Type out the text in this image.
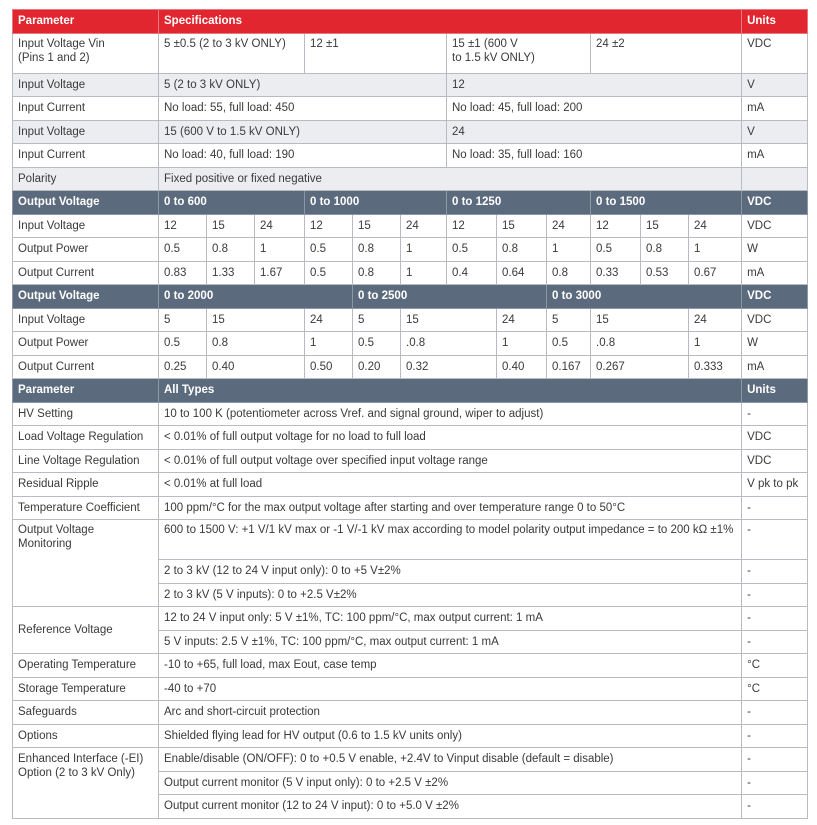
Parameter	Specifications												Units
Input Voltage Vin
(Pins 1 and 2)	5 ±0.5 (2 to 3 kV ONLY)			12 ±1			15 ±1 (600 V
to 1.5 kV ONLY)			24 ±2			VDC
Input Voltage	5 (2 to 3 kV ONLY)						12						V
Input Current	No load: 55, full load: 450						No load: 45, full load: 200						mA
Input Voltage	15 (600 V to 1.5 kV ONLY)						24						V
Input Current	No load: 40, full load: 190						No load: 35, full load: 160						mA
Polarity	Fixed positive or fixed negative												
Output Voltage	0 to 600			0 to 1000			0 to 1250			0 to 1500			VDC
Input Voltage	12	15	24	12	15	24	12	15	24	12	15	24	VDC
Output Power	0.5	0.8	1	0.5	0.8	1	0.5	0.8	1	0.5	0.8	1	W
Output Current	0.83	1.33	1.67	0.5	0.8	1	0.4	0.64	0.8	0.33	0.53	0.67	mA
Output Voltage	0 to 2000				0 to 2500				0 to 3000				VDC
Input Voltage	5	15		24	5	15		24	5	15		24	VDC
Output Power	0.5	0.8		1	0.5	.0.8		1	0.5	.0.8		1	W
Output Current	0.25	0.40		0.50	0.20	0.32		0.40	0.167	0.267		0.333	mA
Parameter	All Types												Units
HV Setting	10 to 100 K (potentiometer across Vref. and signal ground, wiper to adjust)												-
Load Voltage Regulation	< 0.01% of full output voltage for no load to full load												VDC
Line Voltage Regulation	< 0.01% of full output voltage over specified input voltage range												VDC
Residual Ripple	< 0.01% at full load												V pk to pk
Temperature Coefficient	100 ppm/°C for the max output voltage after starting and over temperature range 0 to 50°C												-
Output Voltage
Monitoring	600 to 1500 V: +1 V/1 kV max or -1 V/-1 kV max according to model polarity output impedance = to 200 kΩ ±1%												-
	2 to 3 kV (12 to 24 V input only): 0 to +5 V±2%												-
	2 to 3 kV (5 V inputs): 0 to +2.5 V±2%												-
Reference Voltage	12 to 24 V input only: 5 V ±1%, TC: 100 ppm/°C, max output current: 1 mA												-
	5 V inputs: 2.5 V ±1%, TC: 100 ppm/°C, max output current: 1 mA												-
Operating Temperature	-10 to +65, full load, max Eout, case temp												°C
Storage Temperature	-40 to +70												°C
Safeguards	Arc and short-circuit protection												-
Options	Shielded flying lead for HV output (0.6 to 1.5 kV units only)												-
Enhanced Interface (-EI)
Option (2 to 3 kV Only)	Enable/disable (ON/OFF): 0 to +0.5 V enable, +2.4V to Vinput disable (default = disable)												-
	Output current monitor (5 V input only): 0 to +2.5 V ±2%												-
	Output current monitor (12 to 24 V input): 0 to +5.0 V ±2%												-
